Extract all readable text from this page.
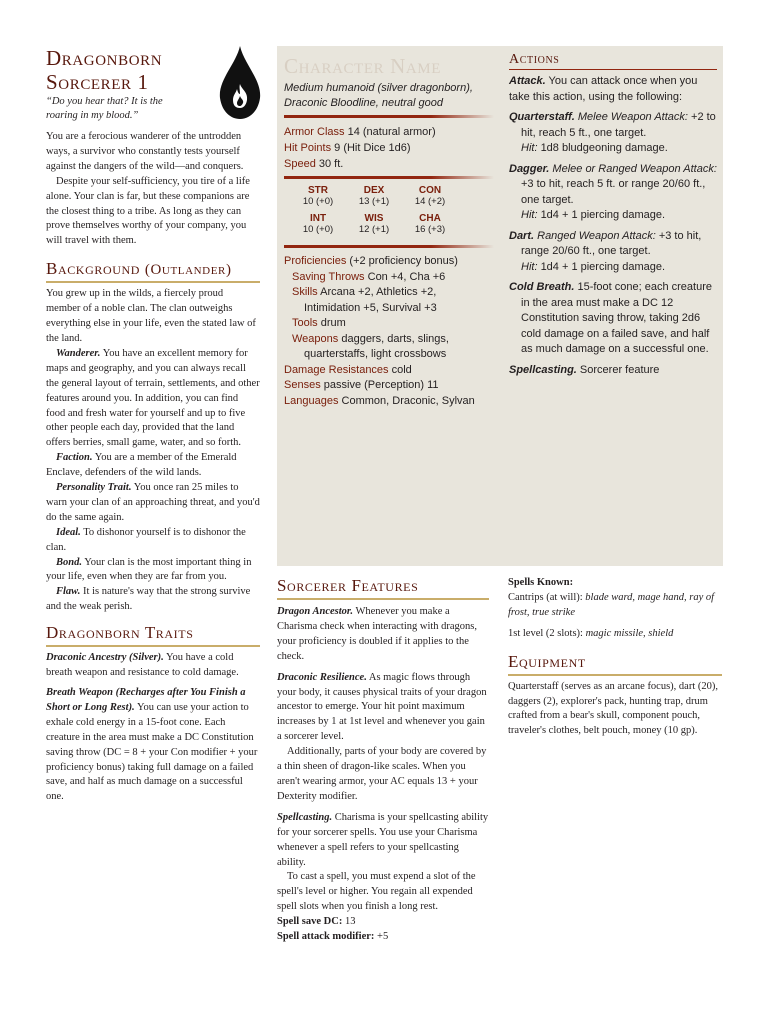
Dragonborn
Sorcerer 1

“Do you hear that? It is the roaring in my blood.”

You are a ferocious wanderer of the untrodden ways, a survivor who constantly tests yourself against the dangers of the wild—and conquers.

Despite your self-sufficiency, you tire of a life alone. Your clan is far, but these companions are the closest thing to a tribe. As long as they can prove themselves worthy of your company, you will travel with them.

Background (Outlander)

You grew up in the wilds, a fiercely proud member of a noble clan. The clan outweighs everything else in your life, even the stated law of the land.

Wanderer. You have an excellent memory for maps and geography, and you can always recall the general layout of terrain, settlements, and other features around you. In addition, you can find food and fresh water for yourself and up to five other people each day, provided that the land offers berries, small game, water, and so forth.

Faction. You are a member of the Emerald Enclave, defenders of the wild lands.

Personality Trait. You once ran 25 miles to warn your clan of an approaching threat, and you'd do the same again.

Ideal. To dishonor yourself is to dishonor the clan.

Bond. Your clan is the most important thing in your life, even when they are far from you.

Flaw. It is nature's way that the strong survive and the weak perish.

Dragonborn Traits

Draconic Ancestry (Silver). You have a cold breath weapon and resistance to cold damage.

Breath Weapon (Recharges after You Finish a Short or Long Rest). You can use your action to exhale cold energy in a 15-foot cone. Each creature in the area must make a DC Constitution saving throw (DC = 8 + your Con modifier + your proficiency bonus) taking full damage on a failed save, and half as much damage on a successful one.

Character Name

Medium humanoid (silver dragonborn), Draconic Bloodline, neutral good

Armor Class 14 (natural armor)
Hit Points 9 (Hit Dice 1d6)
Speed 30 ft.
STR
10 (+0)
DEX
13 (+1)
CON
14 (+2)
INT
10 (+0)
WIS
12 (+1)
CHA
16 (+3)
Proficiencies (+2 proficiency bonus)
Saving Throws Con +4, Cha +6
Skills Arcana +2, Athletics +2, Intimidation +5, Survival +3
Tools drum
Weapons daggers, darts, slings, quarterstaffs, light crossbows
Damage Resistances cold
Senses passive (Perception) 11
Languages Common, Draconic, Sylvan
Actions

Attack. You can attack once when you take this action, using the following:

Quarterstaff. Melee Weapon Attack: +2 to hit, reach 5 ft., one target.
Hit: 1d8 bludgeoning damage.

Dagger. Melee or Ranged Weapon Attack: +3 to hit, reach 5 ft. or range 20/60 ft., one target.
Hit: 1d4 + 1 piercing damage.

Dart. Ranged Weapon Attack: +3 to hit, range 20/60 ft., one target.
Hit: 1d4 + 1 piercing damage.

Cold Breath. 15-foot cone; each creature in the area must make a DC 12 Constitution saving throw, taking 2d6 cold damage on a failed save, and half as much damage on a successful one.

Spellcasting. Sorcerer feature

Sorcerer Features

Dragon Ancestor. Whenever you make a Charisma check when interacting with dragons, your proficiency is doubled if it applies to the check.

Draconic Resilience. As magic flows through your body, it causes physical traits of your dragon ancestor to emerge. Your hit point maximum increases by 1 at 1st level and whenever you gain a sorcerer level.

Additionally, parts of your body are covered by a thin sheen of dragon-like scales. When you aren't wearing armor, your AC equals 13 + your Dexterity modifier.

Spellcasting. Charisma is your spellcasting ability for your sorcerer spells. You use your Charisma whenever a spell refers to your spellcasting ability.

To cast a spell, you must expend a slot of the spell's level or higher. You regain all expended spell slots when you finish a long rest.

Spell save DC: 13

Spell attack modifier: +5

Spells Known:

Cantrips (at will): blade ward, mage hand, ray of frost, true strike

1st level (2 slots): magic missile, shield

Equipment

Quarterstaff (serves as an arcane focus), dart (20), daggers (2), explorer's pack, hunting trap, drum crafted from a bear's skull, component pouch, traveler's clothes, belt pouch, money (10 gp).
